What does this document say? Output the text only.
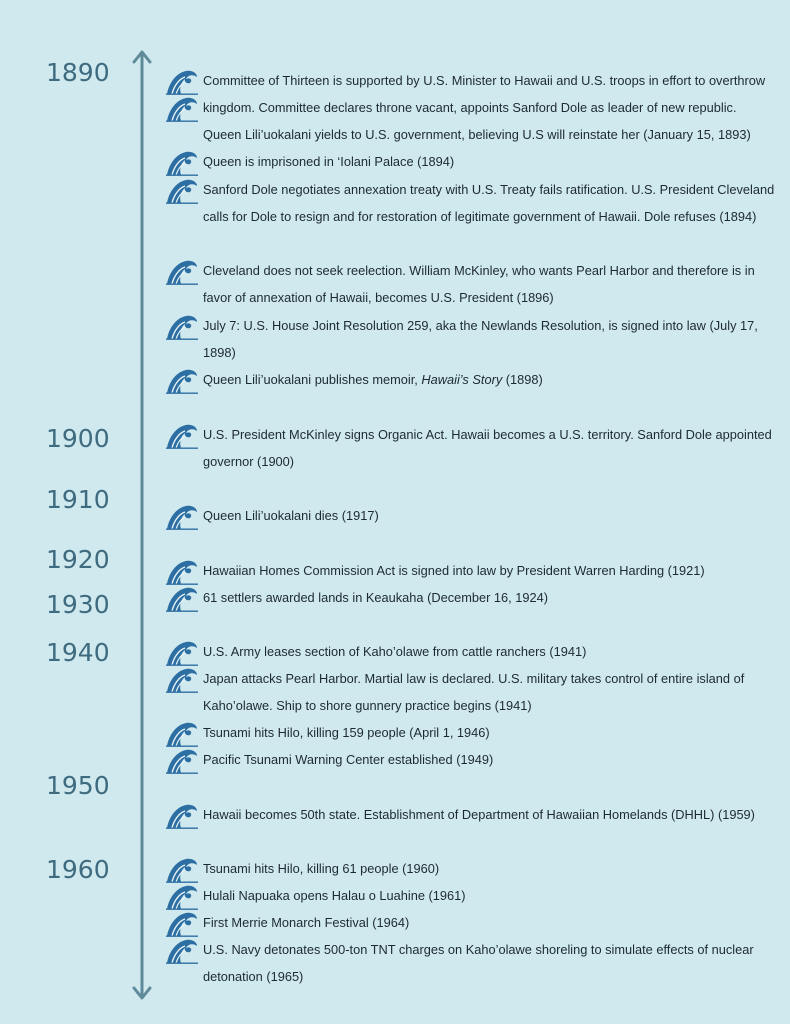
1890
1900
1910
1920
1930
1940
1950
1960
Committee of Thirteen is supported by U.S. Minister to Hawaii and U.S. troops in effort to overthrow
kingdom. Committee declares throne vacant, appoints Sanford Dole as leader of new republic. Queen Lili’uokalani yields to U.S. government, believing U.S will reinstate her (January 15, 1893)
Queen is imprisoned in ‘Iolani Palace (1894)
Sanford Dole negotiates annexation treaty with U.S. Treaty fails ratification. U.S. President Cleveland calls for Dole to resign and for restoration of legitimate government of Hawaii. Dole refuses (1894)
Cleveland does not seek reelection. William McKinley, who wants Pearl Harbor and therefore is in favor of annexation of Hawaii, becomes U.S. President (1896)
July 7: U.S. House Joint Resolution 259, aka the Newlands Resolution, is signed into law (July 17, 1898)
Queen Lili’uokalani publishes memoir, Hawaii’s Story (1898)
U.S. President McKinley signs Organic Act. Hawaii becomes a U.S. territory. Sanford Dole appointed governor (1900)
Queen Lili’uokalani dies (1917)
Hawaiian Homes Commission Act is signed into law by President Warren Harding (1921)
61 settlers awarded lands in Keaukaha (December 16, 1924)
U.S. Army leases section of Kaho’olawe from cattle ranchers (1941)
Japan attacks Pearl Harbor. Martial law is declared. U.S. military takes control of entire island of Kaho’olawe. Ship to shore gunnery practice begins (1941)
Tsunami hits Hilo, killing 159 people (April 1, 1946)
Pacific Tsunami Warning Center established (1949)
Hawaii becomes 50th state. Establishment of Department of Hawaiian Homelands (DHHL) (1959)
Tsunami hits Hilo, killing 61 people (1960)
Hulali Napuaka opens Halau o Luahine (1961)
First Merrie Monarch Festival (1964)
U.S. Navy detonates 500-ton TNT charges on Kaho’olawe shoreling to simulate effects of nuclear detonation (1965)
